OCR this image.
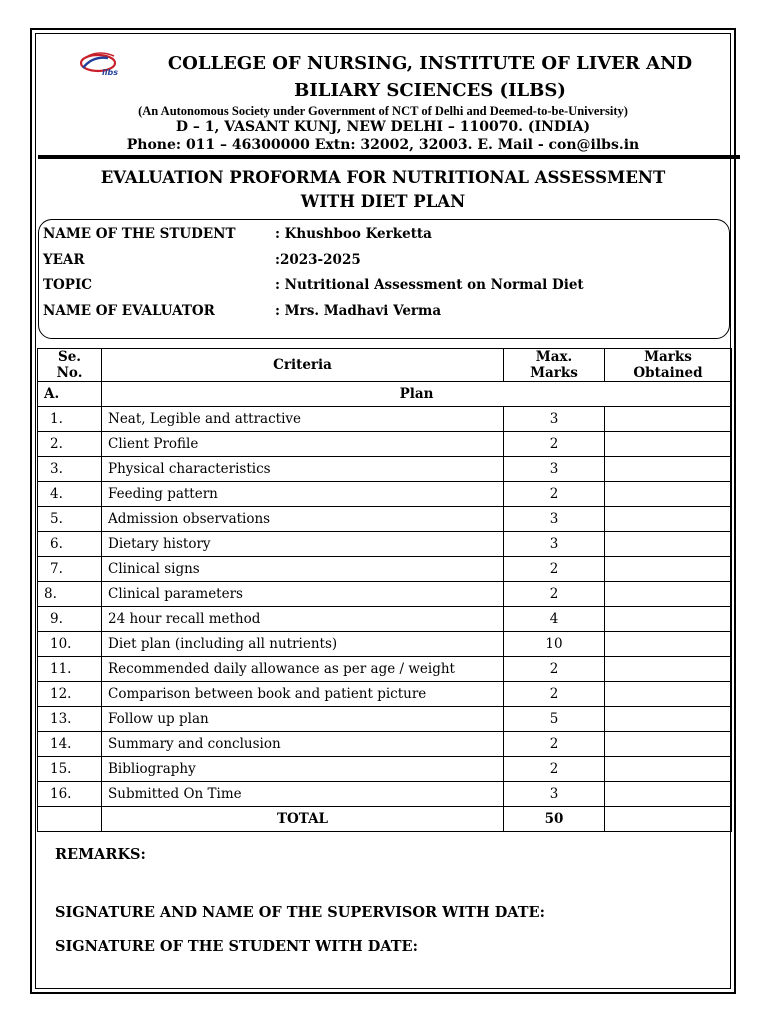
ilbs	COLLEGE OF NURSING, INSTITUTE OF LIVER AND
BILIARY SCIENCES (ILBS)
(An Autonomous Society under Government of NCT of Delhi and Deemed-to-be-University)
D – 1, VASANT KUNJ, NEW DELHI – 110070. (INDIA)
Phone: 011 – 46300000 Extn: 32002, 32003. E. Mail - con@ilbs.in
EVALUATION PROFORMA FOR NUTRITIONAL ASSESSMENT
WITH DIET PLAN
NAME OF THE STUDENT	: Khushboo Kerketta
YEAR	:2023-2025
TOPIC	: Nutritional Assessment on Normal Diet
NAME OF EVALUATOR	: Mrs. Madhavi Verma
Se. No.	Criteria	Max. Marks	Marks Obtained
A.	Plan		
1.	Neat, Legible and attractive	3	
2.	Client Profile	2	
3.	Physical characteristics	3	
4.	Feeding pattern	2	
5.	Admission observations	3	
6.	Dietary history	3	
7.	Clinical signs	2	
8.	Clinical parameters	2	
9.	24 hour recall method	4	
10.	Diet plan (including all nutrients)	10	
11.	Recommended daily allowance as per age / weight	2	
12.	Comparison between book and patient picture	2	
13.	Follow up plan	5	
14.	Summary and conclusion	2	
15.	Bibliography	2	
16.	Submitted On Time	3	
	TOTAL	50	
REMARKS:
SIGNATURE AND NAME OF THE SUPERVISOR WITH DATE:
SIGNATURE OF THE STUDENT WITH DATE:
